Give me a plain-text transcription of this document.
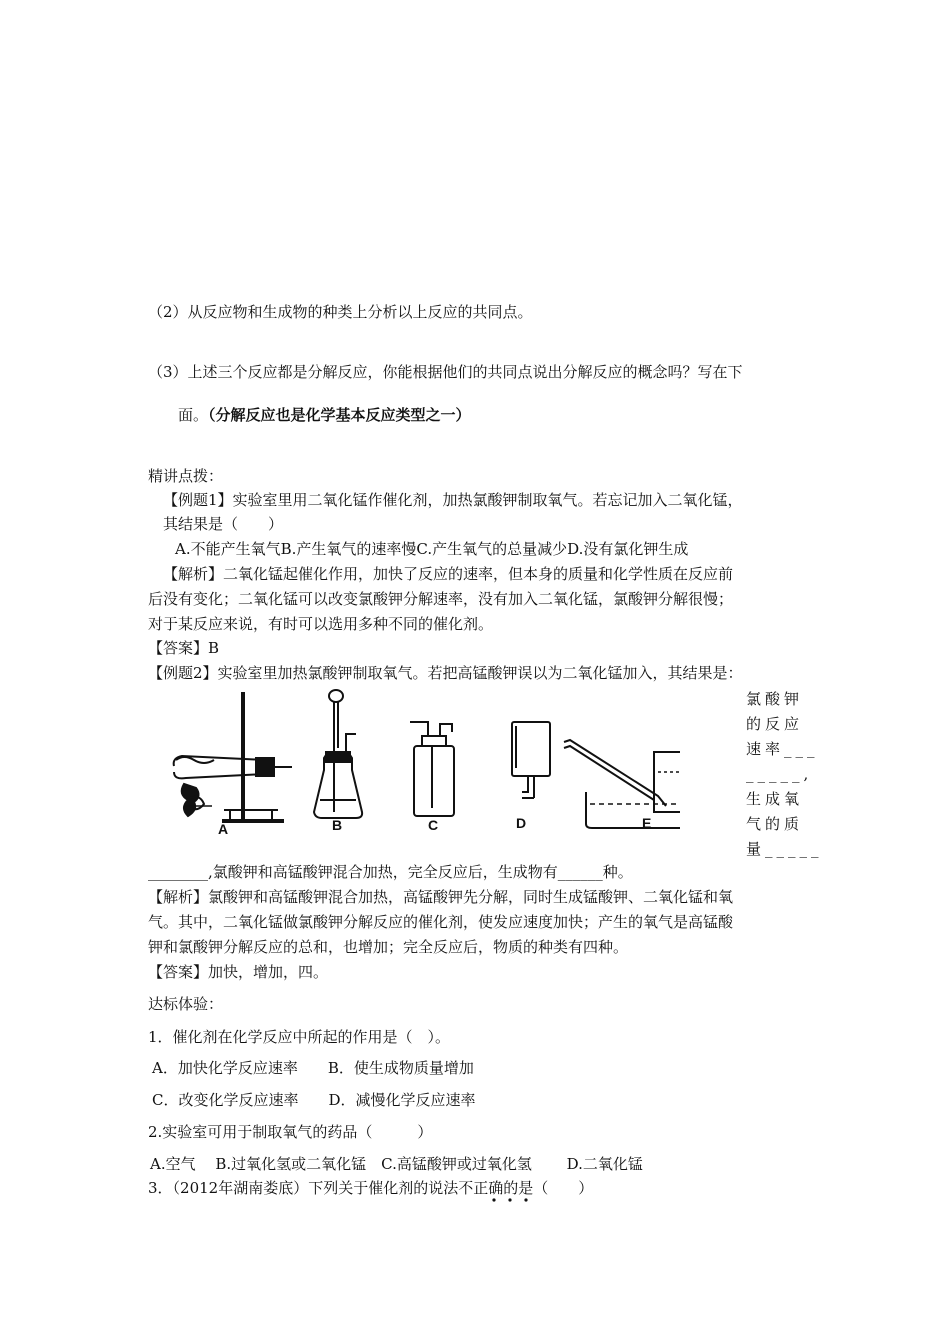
（2）从反应物和生成物的种类上分析以上反应的共同点。
（3）上述三个反应都是分解反应，你能根据他们的共同点说出分解反应的概念吗？写在下
面。（分解反应也是化学基本反应类型之一）
精讲点拨：
【例题1】实验室里用二氧化锰作催化剂，加热氯酸钾制取氧气。若忘记加入二氧化锰，
其结果是（　　）
A.不能产生氧气B.产生氧气的速率慢C.产生氧气的总量减少D.没有氯化钾生成
【解析】二氧化锰起催化作用，加快了反应的速率，但本身的质量和化学性质在反应前
后没有变化；二氧化锰可以改变氯酸钾分解速率，没有加入二氧化锰，氯酸钾分解很慢；
对于某反应来说，有时可以选用多种不同的催化剂。
【答案】B
【例题2】实验室里加热氯酸钾制取氧气。若把高锰酸钾误以为二氧化锰加入，其结果是：
氯酸钾
的反应
速率___
_____,
生成氧
气的质
量_____
A	B	C	D	E
________,氯酸钾和高锰酸钾混合加热，完全反应后，生成物有______种。
【解析】氯酸钾和高锰酸钾混合加热，高锰酸钾先分解，同时生成锰酸钾、二氧化锰和氧
气。其中，二氧化锰做氯酸钾分解反应的催化剂，使发应速度加快；产生的氧气是高锰酸
钾和氯酸钾分解反应的总和，也增加；完全反应后，物质的种类有四种。
【答案】加快，增加，四。
达标体验：
1．催化剂在化学反应中所起的作用是（　）。
A．加快化学反应速率　　B．使生成物质量增加
C．改变化学反应速率　　D．减慢化学反应速率
2.实验室可用于制取氧气的药品（　　　）
A.空气　 B.过氧化氢或二氧化锰　C.高锰酸钾或过氧化氢　　 D.二氧化锰
3．（2012年湖南娄底）下列关于催化剂的说法不正确的是（　　）
